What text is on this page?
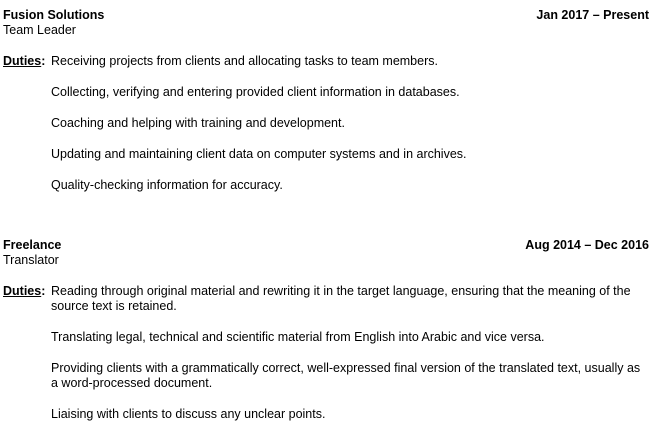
Fusion Solutions	Jan 2017 – Present
Team Leader
Duties: Receiving projects from clients and allocating tasks to team members.
Collecting, verifying and entering provided client information in databases.
Coaching and helping with training and development.
Updating and maintaining client data on computer systems and in archives.
Quality-checking information for accuracy.
Freelance	Aug 2014 – Dec 2016
Translator
Duties: Reading through original material and rewriting it in the target language, ensuring that the meaning of the source text is retained.
Translating legal, technical and scientific material from English into Arabic and vice versa.
Providing clients with a grammatically correct, well-expressed final version of the translated text, usually as a word-processed document.
Liaising with clients to discuss any unclear points.
